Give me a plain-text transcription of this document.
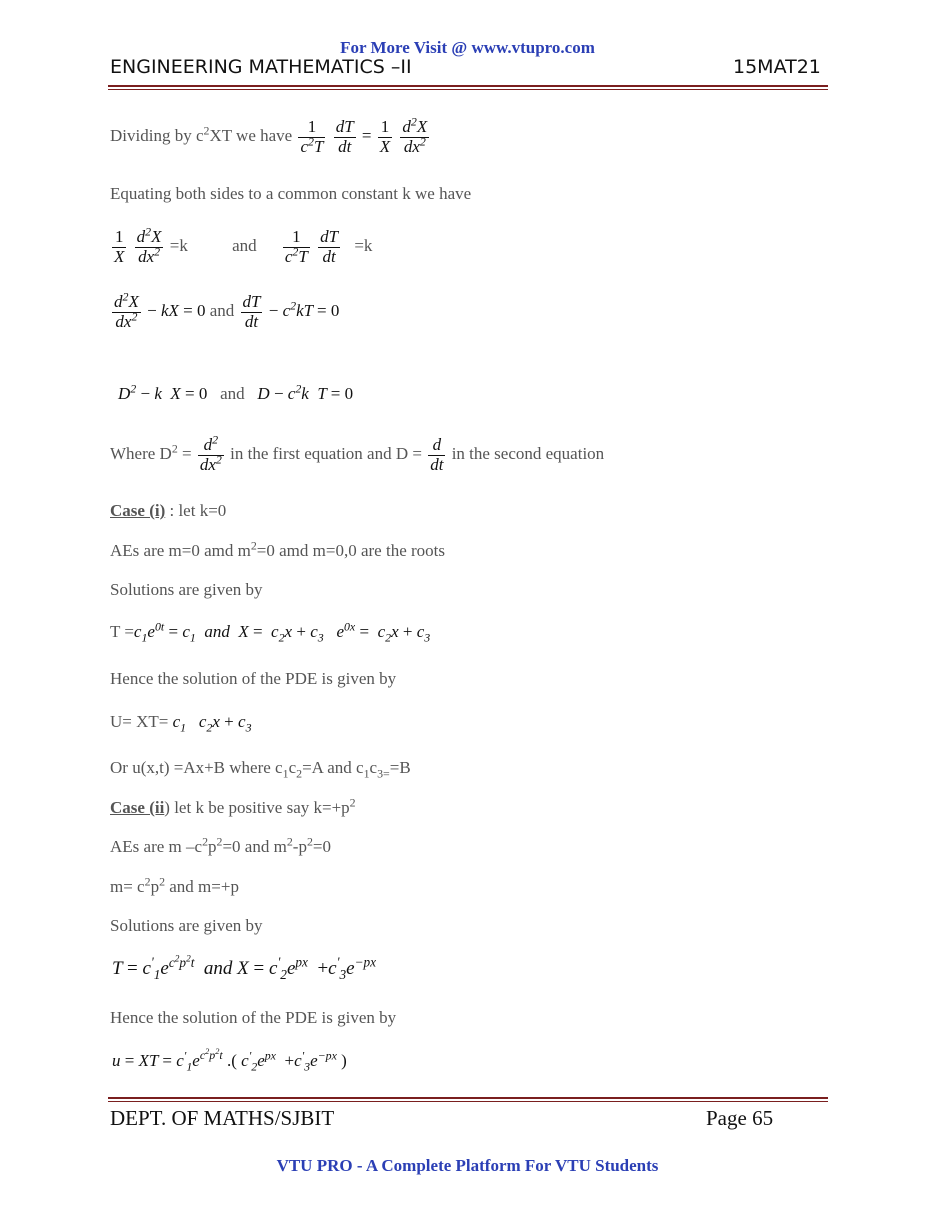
For More Visit @ www.vtupro.com
ENGINEERING MATHEMATICS –II	15MAT21
Dividing by $c^2XT$ we have $\frac{1}{c^2T}$
$\frac{dT}{dt} = \frac{1}{X}$
$\frac{d^2X}{dx^2}$
Equating both sides to a common constant k we have
$\frac{1}{X}$
$\frac{d^2X}{dx^2} =k$	and $\frac{1}{c^2T}$
$\frac{dT}{dt} =k$
$\frac{d^2X}{dx^2}$ − kX = 0 and $\frac{dT}{dt} - c^2kT = 0$
$D^2 - k$  X = 0 and $D - c^2k$  T = 0
Where $D^2 = \frac{d^2}{dx^2}$ in the first equation and $D = \frac{d}{dt}$ in the second equation
Case (i) : let k=0
AEs are m=0 amd $m^2=0$ amd m=0,0 are the roots
Solutions are given by
$T =c_1e^{0t} = c_1$  and  $X = c_2x + c_3$   $e^{0x} = c_2x + c_3$
Hence the solution of the PDE is given by
$U= XT= c_1$   $c_2x + c_3$
Or u(x,t) =Ax+B where $c_1c_2=A$ and $c_1c_{3=}=B$
Case (ii) let k be positive say $k=+p^2$
AEs are m $-c^2p^2=0$ and $m^2-p^2=0$
$m= c^2p^2$ and m=+p
Solutions are given by
$T = c'_1e^{c^2p^2t}$  and $X = c'_2e^{px} +c'_3e^{-px}$
Hence the solution of the PDE is given by
u = XT = $c'_1e^{c^2p^2t}$ .( $c'_2e^{px} +c'_3e^{-px}$ )
DEPT. OF MATHS/SJBIT	Page 65
VTU PRO - A Complete Platform For VTU Students
